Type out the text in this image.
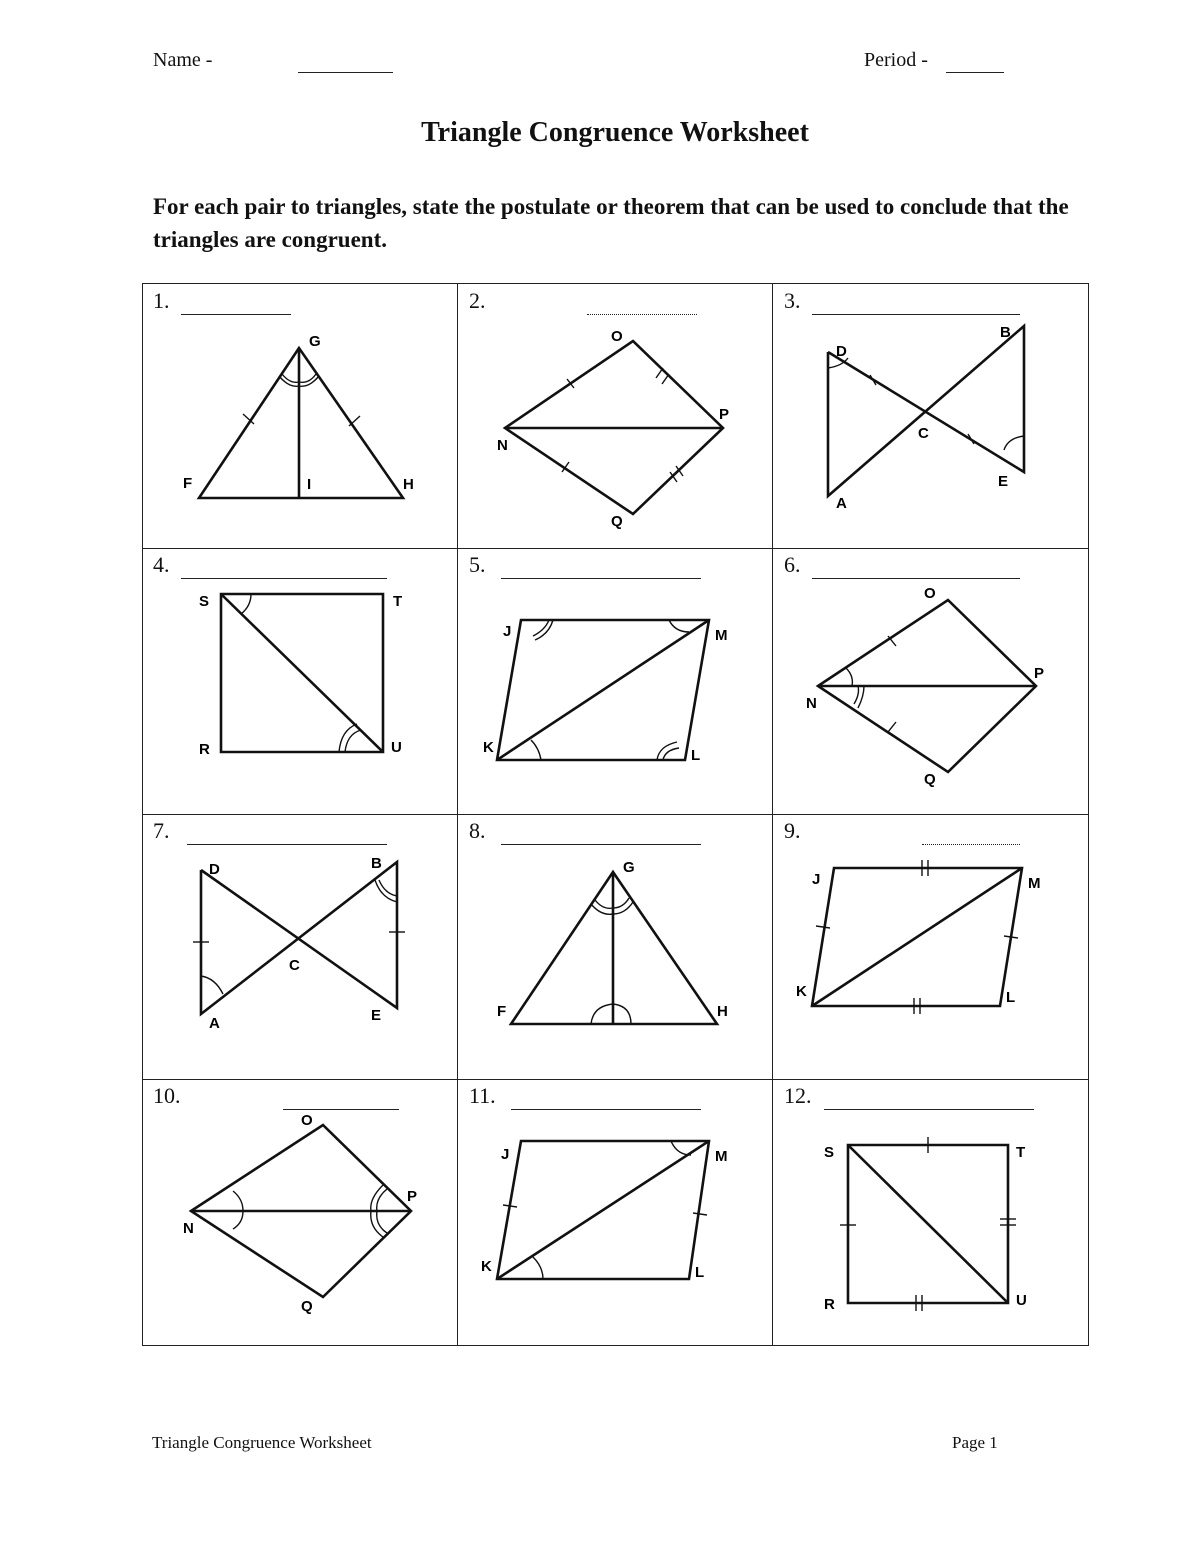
Name -	Period -
Triangle Congruence Worksheet
For each pair to triangles, state the postulate or theorem that can be used to conclude that the triangles are congruent.
1.
G
F	I	H
2.
O
P
N
Q
3.
D
B
C
E
A
4.
S	T
R	U
5.
J	M
K	L
6.
O
P
N
Q
7.
D	B
C
E
A
8.
G
F	H
9.
J	M
K	L
10.
O
P
N
Q
11.
J	M
K	L
12.
S	T
R	U
Triangle Congruence Worksheet	Page 1
